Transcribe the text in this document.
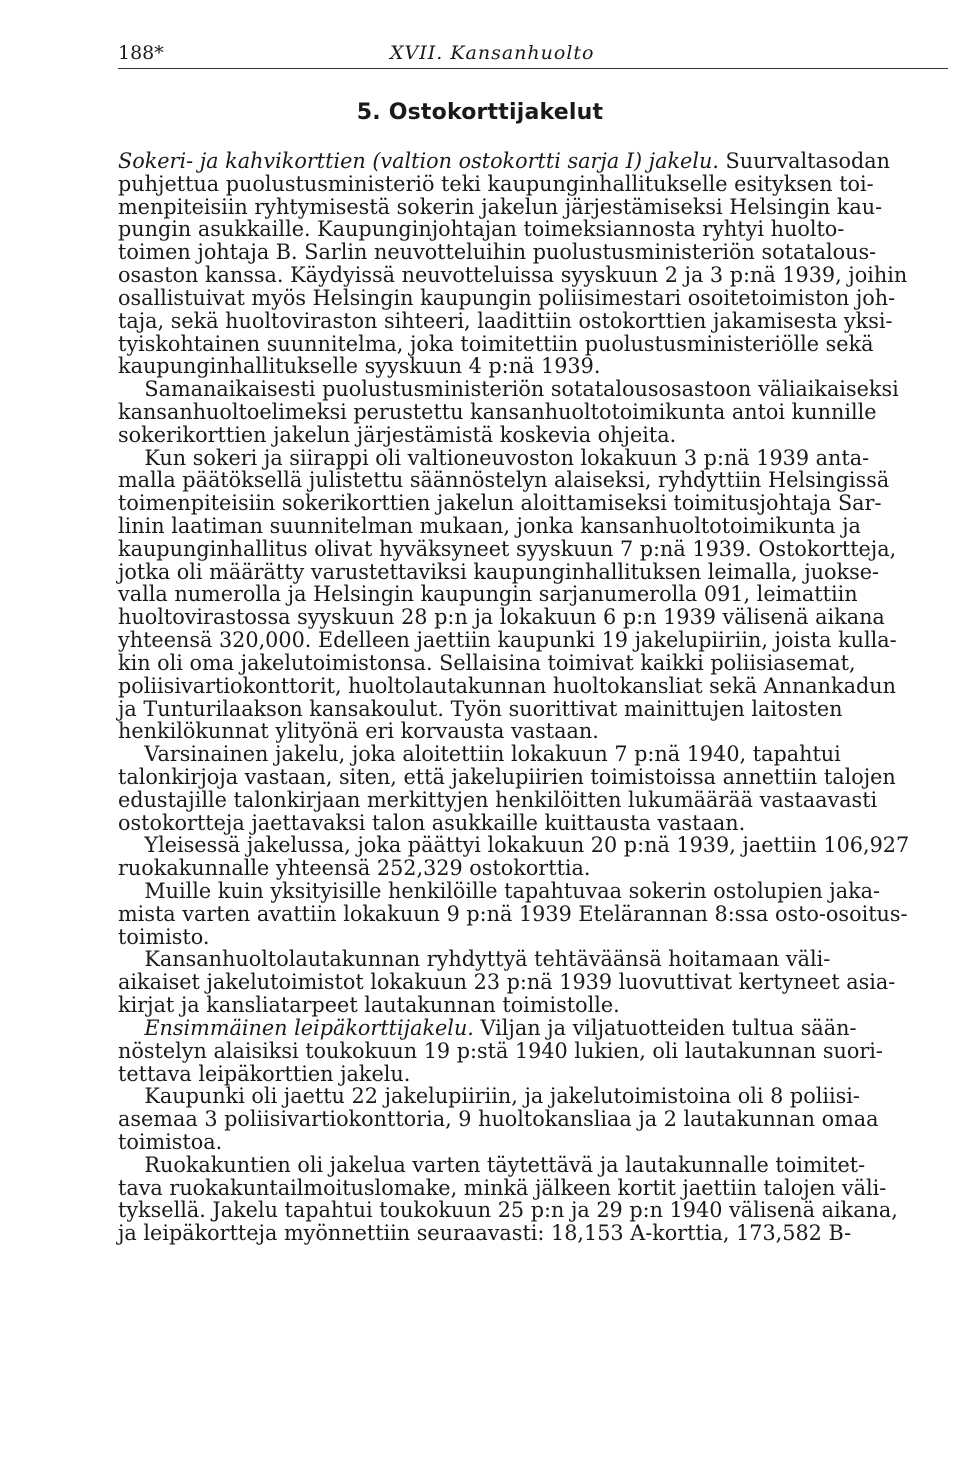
188*	XVII. Kansanhuolto
5. Ostokorttijakelut
Sokeri- ja kahvikorttien (valtion ostokortti sarja I) jakelu. Suurvaltasodan
puhjettua puolustusministeriö teki kaupunginhallitukselle esityksen toi-
menpiteisiin ryhtymisestä sokerin jakelun järjestämiseksi Helsingin kau-
pungin asukkaille. Kaupunginjohtajan toimeksiannosta ryhtyi huolto-
toimen johtaja B. Sarlin neuvotteluihin puolustusministeriön sotatalous-
osaston kanssa. Käydyissä neuvotteluissa syyskuun 2 ja 3 p:nä 1939, joihin
osallistuivat myös Helsingin kaupungin poliisimestari osoitetoimiston joh-
taja, sekä huoltoviraston sihteeri, laadittiin ostokorttien jakamisesta yksi-
tyiskohtainen suunnitelma, joka toimitettiin puolustusministeriölle sekä
kaupunginhallitukselle syyskuun 4 p:nä 1939.
Samanaikaisesti puolustusministeriön sotatalousosastoon väliaikaiseksi
kansanhuoltoelimeksi perustettu kansanhuoltotoimikunta antoi kunnille
sokerikorttien jakelun järjestämistä koskevia ohjeita.
Kun sokeri ja siirappi oli valtioneuvoston lokakuun 3 p:nä 1939 anta-
malla päätöksellä julistettu säännöstelyn alaiseksi, ryhdyttiin Helsingissä
toimenpiteisiin sokerikorttien jakelun aloittamiseksi toimitusjohtaja Sar-
linin laatiman suunnitelman mukaan, jonka kansanhuoltotoimikunta ja
kaupunginhallitus olivat hyväksyneet syyskuun 7 p:nä 1939. Ostokortteja,
jotka oli määrätty varustettaviksi kaupunginhallituksen leimalla, juokse-
valla numerolla ja Helsingin kaupungin sarjanumerolla 091, leimattiin
huoltovirastossa syyskuun 28 p:n ja lokakuun 6 p:n 1939 välisenä aikana
yhteensä 320,000. Edelleen jaettiin kaupunki 19 jakelupiiriin, joista kulla-
kin oli oma jakelutoimistonsa. Sellaisina toimivat kaikki poliisiasemat,
poliisivartiokonttorit, huoltolautakunnan huoltokansliat sekä Annankadun
ja Tunturilaakson kansakoulut. Työn suorittivat mainittujen laitosten
henkilökunnat ylityönä eri korvausta vastaan.
Varsinainen jakelu, joka aloitettiin lokakuun 7 p:nä 1940, tapahtui
talonkirjoja vastaan, siten, että jakelupiirien toimistoissa annettiin talojen
edustajille talonkirjaan merkittyjen henkilöitten lukumäärää vastaavasti
ostokortteja jaettavaksi talon asukkaille kuittausta vastaan.
Yleisessä jakelussa, joka päättyi lokakuun 20 p:nä 1939, jaettiin 106,927
ruokakunnalle yhteensä 252,329 ostokorttia.
Muille kuin yksityisille henkilöille tapahtuvaa sokerin ostolupien jaka-
mista varten avattiin lokakuun 9 p:nä 1939 Etelärannan 8:ssa osto-osoitus-
toimisto.
Kansanhuoltolautakunnan ryhdyttyä tehtäväänsä hoitamaan väli-
aikaiset jakelutoimistot lokakuun 23 p:nä 1939 luovuttivat kertyneet asia-
kirjat ja kansliatarpeet lautakunnan toimistolle.
Ensimmäinen leipäkorttijakelu. Viljan ja viljatuotteiden tultua sään-
nöstelyn alaisiksi toukokuun 19 p:stä 1940 lukien, oli lautakunnan suori-
tettava leipäkorttien jakelu.
Kaupunki oli jaettu 22 jakelupiiriin, ja jakelutoimistoina oli 8 poliisi-
asemaa 3 poliisivartiokonttoria, 9 huoltokansliaa ja 2 lautakunnan omaa
toimistoa.
Ruokakuntien oli jakelua varten täytettävä ja lautakunnalle toimitet-
tava ruokakuntailmoituslomake, minkä jälkeen kortit jaettiin talojen väli-
tyksellä. Jakelu tapahtui toukokuun 25 p:n ja 29 p:n 1940 välisenä aikana,
ja leipäkortteja myönnettiin seuraavasti: 18,153 A-korttia, 173,582 B-
